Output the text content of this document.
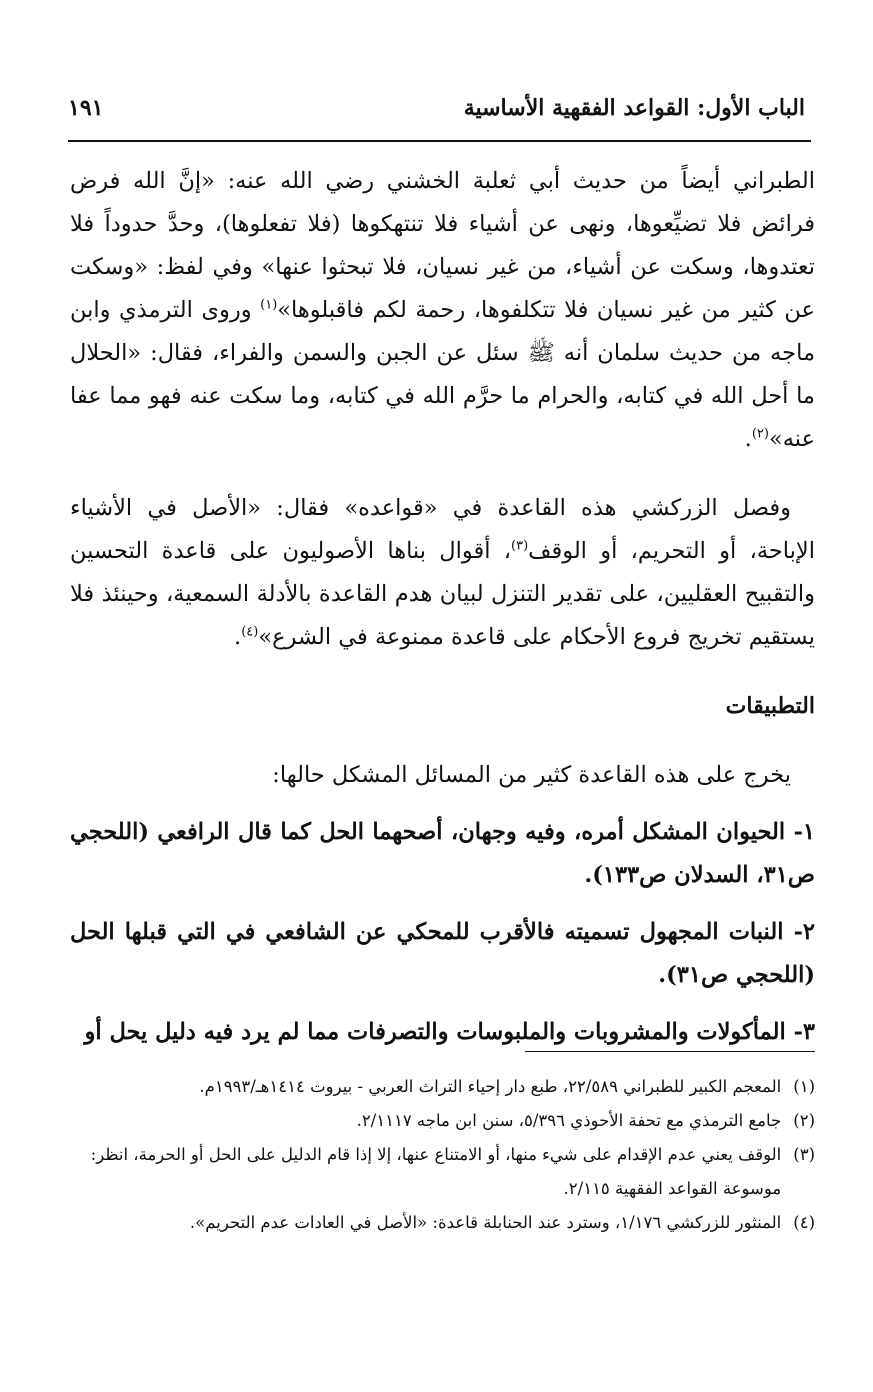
الباب الأول: القواعد الفقهية الأساسية
١٩١

الطبراني أيضاً من حديث أبي ثعلبة الخشني رضي الله عنه: «إنَّ الله فرض فرائض فلا تضيِّعوها، ونهى عن أشياء فلا تنتهكوها (فلا تفعلوها)، وحدَّ حدوداً فلا تعتدوها، وسكت عن أشياء، من غير نسيان، فلا تبحثوا عنها» وفي لفظ: «وسكت عن كثير من غير نسيان فلا تتكلفوها، رحمة لكم فاقبلوها»$^{(١)}$ وروى الترمذي وابن ماجه من حديث سلمان أنه ﷺ سئل عن الجبن والسمن والفراء، فقال: «الحلال ما أحل الله في كتابه، والحرام ما حرَّم الله في كتابه، وما سكت عنه فهو مما عفا عنه»$^{(٢)}$.

وفصل الزركشي هذه القاعدة في «قواعده» فقال: «الأصل في الأشياء الإباحة، أو التحريم، أو الوقف$^{(٣)}$، أقوال بناها الأصوليون على قاعدة التحسين والتقبيح العقليين، على تقدير التنزل لبيان هدم القاعدة بالأدلة السمعية، وحينئذ فلا يستقيم تخريج فروع الأحكام على قاعدة ممنوعة في الشرع»$^{(٤)}$.

التطبيقات

يخرج على هذه القاعدة كثير من المسائل المشكل حالها:

١- الحيوان المشكل أمره، وفيه وجهان، أصحهما الحل كما قال الرافعي (اللحجي ص٣١، السدلان ص١٣٣).

٢- النبات المجهول تسميته فالأقرب للمحكي عن الشافعي في التي قبلها الحل (اللحجي ص٣١).

٣- المأكولات والمشروبات والملبوسات والتصرفات مما لم يرد فيه دليل يحل أو

(١)
المعجم الكبير للطبراني ٢٢/٥٨٩، طبع دار إحياء التراث العربي - بيروت ١٤١٤هـ/١٩٩٣م.

(٢)
جامع الترمذي مع تحفة الأحوذي ٥/٣٩٦، سنن ابن ماجه ٢/١١١٧.

(٣)
الوقف يعني عدم الإقدام على شيء منها، أو الامتناع عنها، إلا إذا قام الدليل على الحل أو الحرمة، انظر: موسوعة القواعد الفقهية ٢/١١٥.

(٤)
المنثور للزركشي ١/١٧٦، وسترد عند الحنابلة قاعدة: «الأصل في العادات عدم التحريم».
